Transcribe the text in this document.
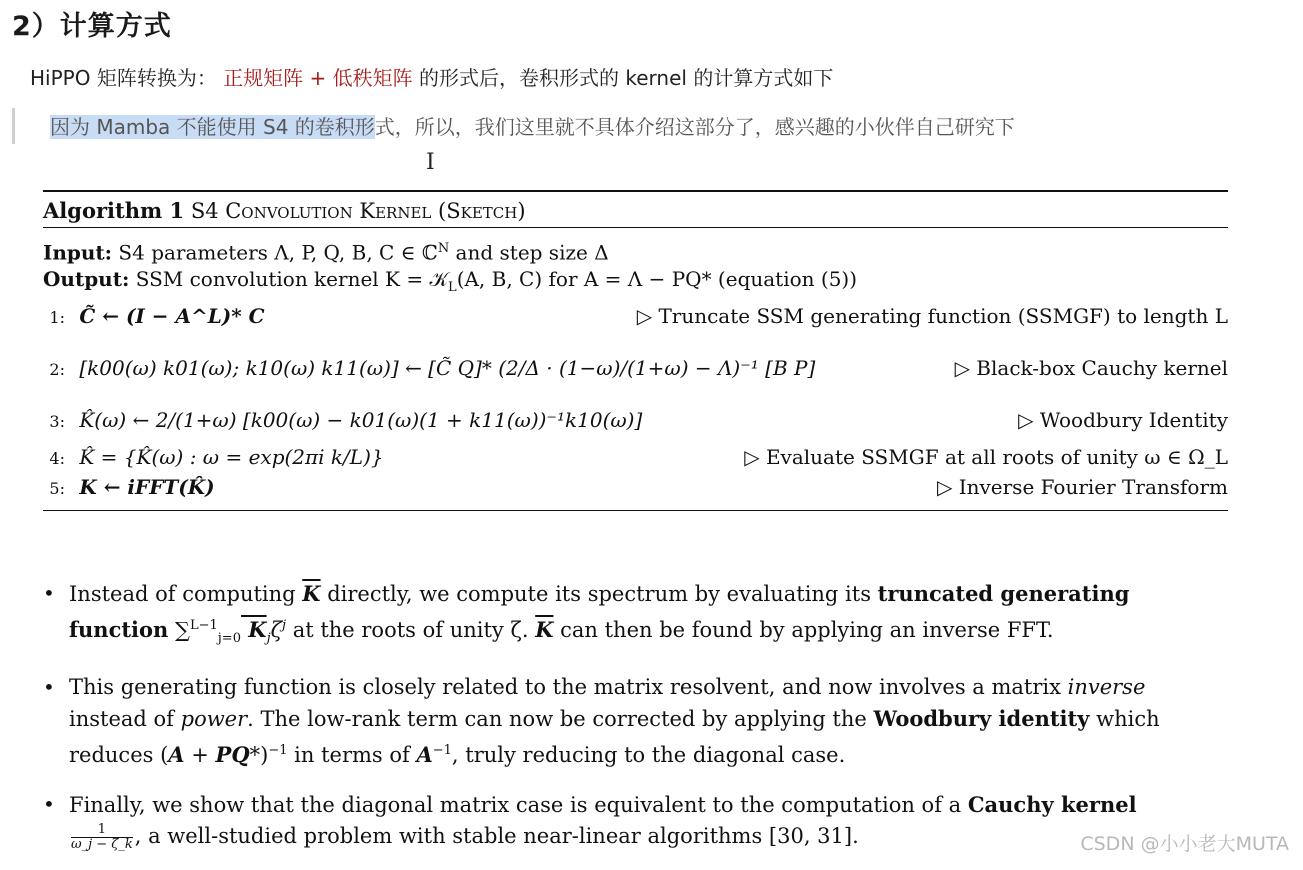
2）计算方式
HiPPO 矩阵转换为： 正规矩阵 + 低秩矩阵 的形式后，卷积形式的 kernel 的计算方式如下
因为 Mamba 不能使用 S4 的卷积形式，所以，我们这里就不具体介绍这部分了，感兴趣的小伙伴自己研究下
I
Algorithm 1 S4 Convolution Kernel (Sketch)
Input: S4 parameters Λ, P, Q, B, C ∈ ℂ$^N$ and step size Δ
Output: SSM convolution kernel K = 𝒦$_L$(A, B, C) for A = Λ − PQ* (equation (5))
1: C̃ ← (I − A^L)* C	▷ Truncate SSM generating function (SSMGF) to length L
2: [k00(ω) k01(ω); k10(ω) k11(ω)] ← [C̃ Q]* (2/Δ · (1−ω)/(1+ω) − Λ)⁻¹ [B P]	▷ Black-box Cauchy kernel
3: K̂(ω) ← 2/(1+ω) [k00(ω) − k01(ω)(1 + k11(ω))⁻¹k10(ω)]	▷ Woodbury Identity
4: K̂ = {K̂(ω) : ω = exp(2πi k/L)}	▷ Evaluate SSMGF at all roots of unity ω ∈ Ω_L
5: K ← iFFT(K̂)	▷ Inverse Fourier Transform
• Instead of computing $\overline{K}$ directly, we compute its spectrum by evaluating its truncated generating
function ∑$^{L-1}_{j=0}$ $K_j\zeta^j$ at the roots of unity ζ. $\overline{K}$ can then be found by applying an inverse FFT.
• This generating function is closely related to the matrix resolvent, and now involves a matrix inverse
instead of power. The low-rank term can now be corrected by applying the Woodbury identity which
reduces $(A + PQ*)^{-1}$ in terms of $A^{-1}$, truly reducing to the diagonal case.
• Finally, we show that the diagonal matrix case is equivalent to the computation of a Cauchy kernel
$\frac{1}{\omega\_j - \zeta\_k}$ , a well-studied problem with stable near-linear algorithms [30, 31].	CSDN @小小老大MUTA
